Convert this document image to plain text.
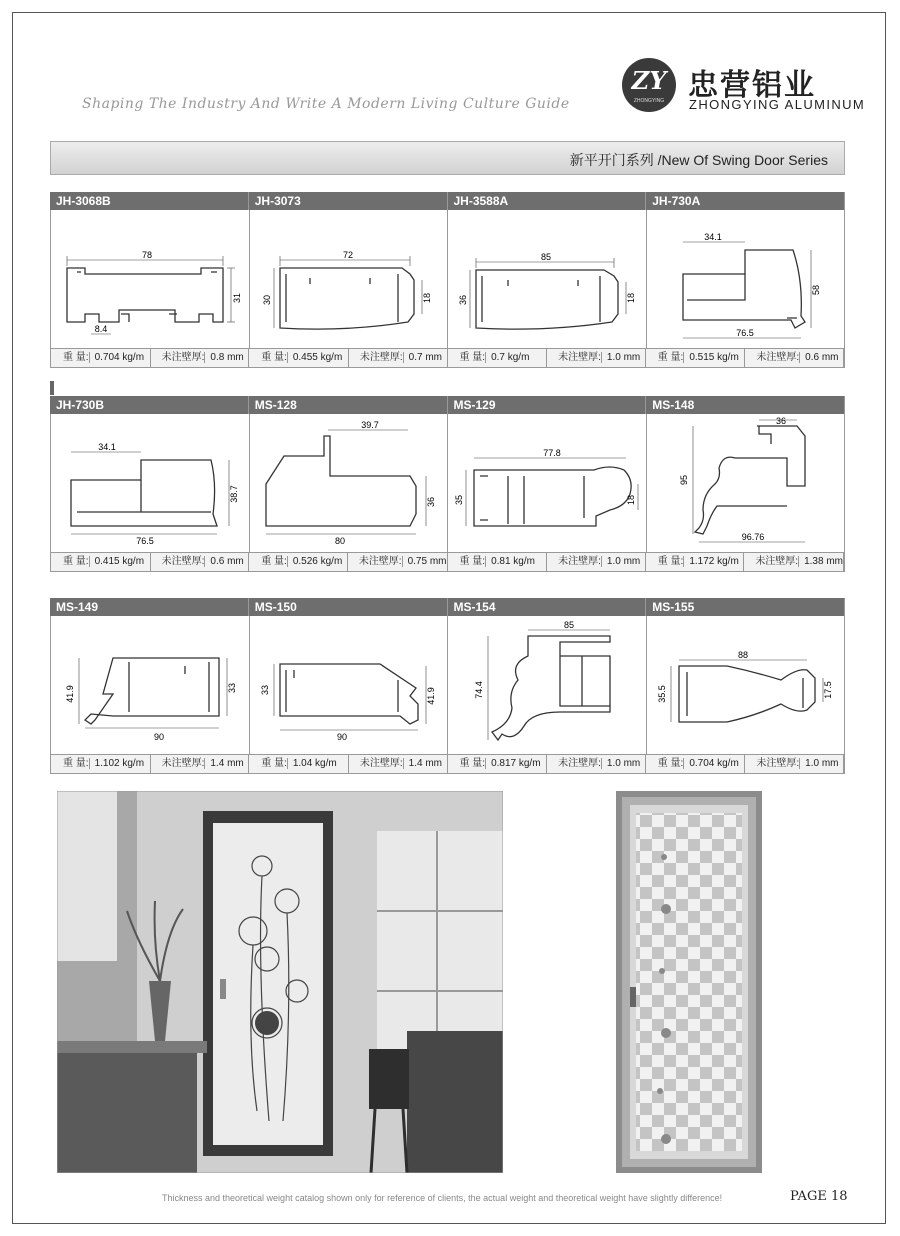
Shaping The Industry And Write A Modern Living Culture Guide
ZY
ZHONGYING 忠营铝业
ZHONGYING ALUMINUM
新平开门系列 /New Of Swing Door Series
JH-3068B	JH-3073	JH-3588A	JH-730A
78
31
8.4
72
30	18
85
36	18
34.1
58
76.5
重 量: 0.704 kg/m	未注壁厚: 0.8 mm	重 量: 0.455 kg/m	未注壁厚: 0.7 mm	重 量: 0.7 kg/m	未注壁厚: 1.0 mm	重 量: 0.515 kg/m	未注壁厚: 0.6 mm
JH-730B	MS-128	MS-129	MS-148
34.1
38.7
76.5
39.7
36
80
77.8
35	18
36
95
96.76
重 量: 0.415 kg/m	未注壁厚: 0.6 mm	重 量: 0.526 kg/m	未注壁厚: 0.75 mm	重 量: 0.81 kg/m	未注壁厚: 1.0 mm	重 量: 1.172 kg/m	未注壁厚: 1.38 mm
MS-149	MS-150	MS-154	MS-155
41.9	33
90
33	41.9
90
85
74.4
88
35.5	17.5
重 量: 1.102 kg/m	未注壁厚: 1.4 mm	重 量: 1.04 kg/m	未注壁厚: 1.4 mm	重 量: 0.817 kg/m	未注壁厚: 1.0 mm	重 量: 0.704 kg/m	未注壁厚: 1.0 mm
Thickness and theoretical weight catalog shown only for reference of clients, the actual weight and theoretical weight have slightly difference!	PAGE 18
